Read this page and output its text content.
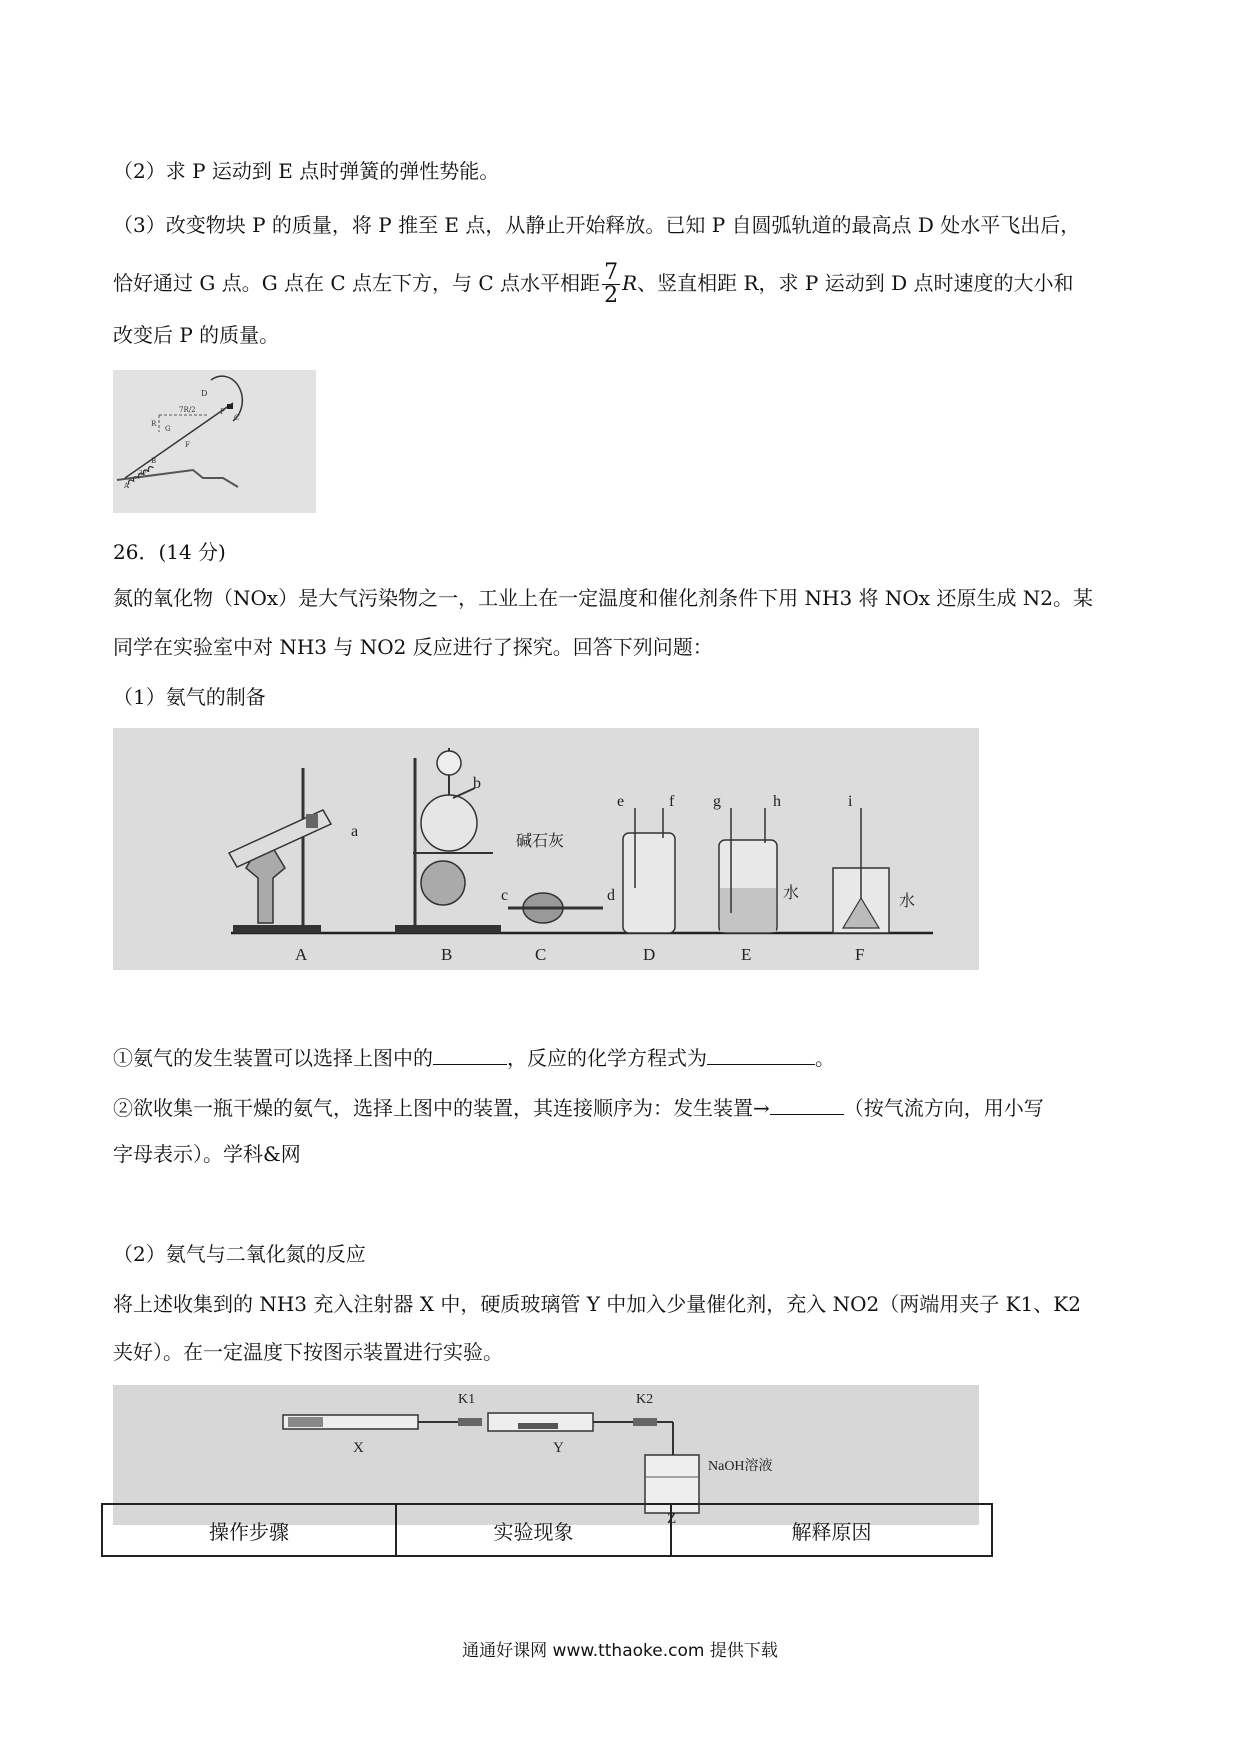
（2）求 P 运动到 E 点时弹簧的弹性势能。
（3）改变物块 P 的质量，将 P 推至 E 点，从静止开始释放。已知 P 自圆弧轨道的最高点 D 处水平飞出后，
恰好通过 G 点。G 点在 C 点左下方，与 C 点水平相距 $\frac{7}{2}$ R、竖直相距 R，求 P 运动到 D 点时速度的大小和
改变后 P 的质量。
D
P
C
7R/2
R
G
F
B
37°
A
26．(14 分)
氮的氧化物（NOx）是大气污染物之一，工业上在一定温度和催化剂条件下用 NH3 将 NOx 还原生成 N2。某
同学在实验室中对 NH3 与 NO2 反应进行了探究。回答下列问题：
（1）氨气的制备
a
A
b
B
碱石灰
c	d
C
e	f
D
g	h
水
E
i
水
F
①氨气的发生装置可以选择上图中的	，反应的化学方程式为	。
②欲收集一瓶干燥的氨气，选择上图中的装置，其连接顺序为：发生装置→	（按气流方向，用小写
字母表示）。学科&网
（2）氨气与二氧化氮的反应
将上述收集到的 NH3 充入注射器 X 中，硬质玻璃管 Y 中加入少量催化剂，充入 NO2（两端用夹子 K1、K2
夹好）。在一定温度下按图示装置进行实验。
X
K1
Y
K2
NaOH溶液
Z
操作步骤	实验现象	解释原因
通通好课网 www.tthaoke.com 提供下载
